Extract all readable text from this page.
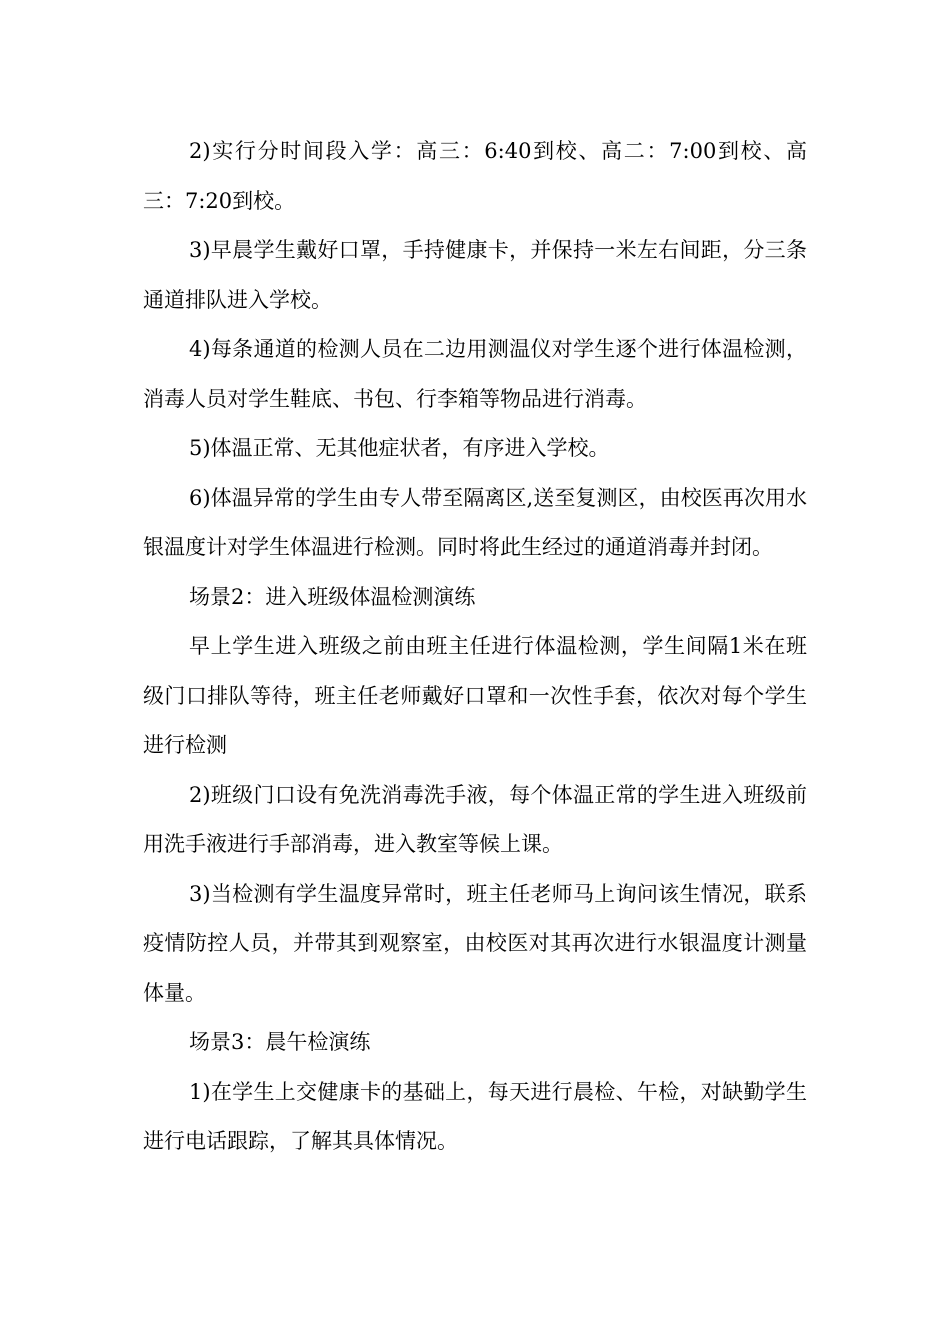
2)实行分时间段入学：高三：6:40到校、高二：7:00到校、高三：7:20到校。

3)早晨学生戴好口罩，手持健康卡，并保持一米左右间距，分三条通道排队进入学校。

4)每条通道的检测人员在二边用测温仪对学生逐个进行体温检测，消毒人员对学生鞋底、书包、行李箱等物品进行消毒。

5)体温正常、无其他症状者，有序进入学校。

6)体温异常的学生由专人带至隔离区,送至复测区，由校医再次用水银温度计对学生体温进行检测。同时将此生经过的通道消毒并封闭。

场景2：进入班级体温检测演练

早上学生进入班级之前由班主任进行体温检测，学生间隔1米在班级门口排队等待，班主任老师戴好口罩和一次性手套，依次对每个学生进行检测

2)班级门口设有免洗消毒洗手液，每个体温正常的学生进入班级前用洗手液进行手部消毒，进入教室等候上课。

3)当检测有学生温度异常时，班主任老师马上询问该生情况，联系疫情防控人员，并带其到观察室，由校医对其再次进行水银温度计测量体量。

场景3：晨午检演练

1)在学生上交健康卡的基础上，每天进行晨检、午检，对缺勤学生进行电话跟踪，了解其具体情况。
